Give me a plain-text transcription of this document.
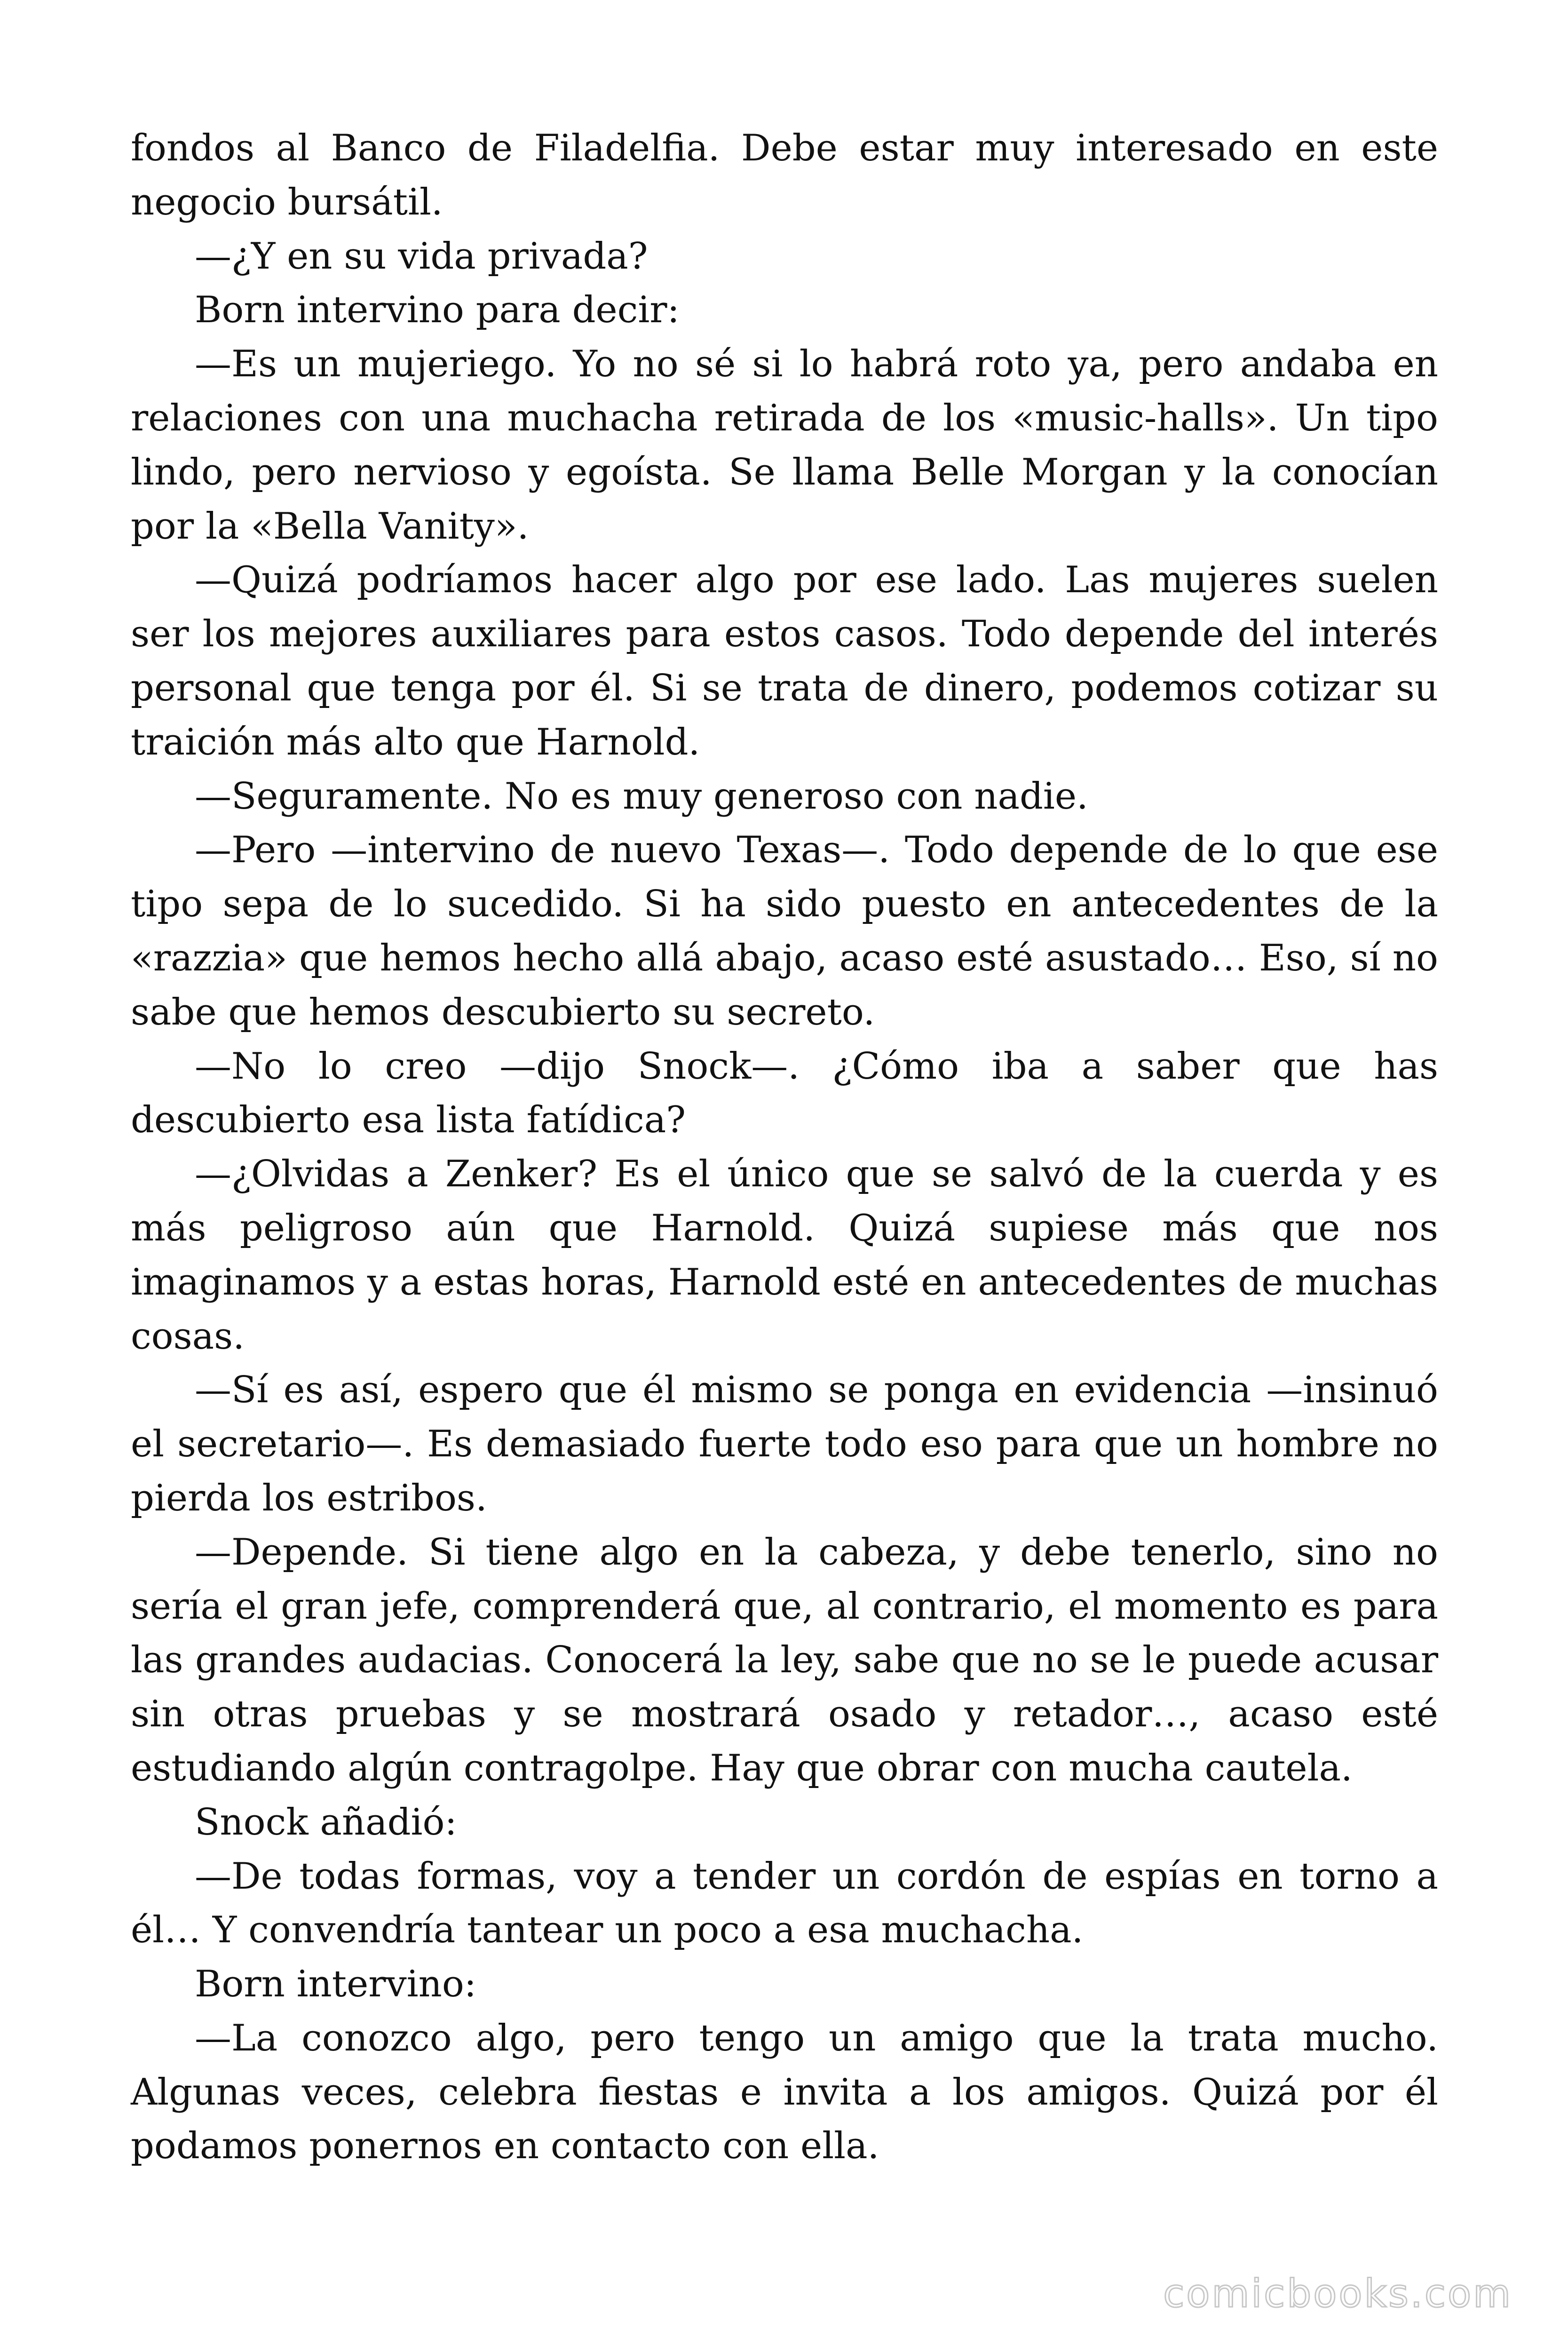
fondos al Banco de Filadelfia. Debe estar muy interesado en este negocio bursátil.

—¿Y en su vida privada?

Born intervino para decir:

—Es un mujeriego. Yo no sé si lo habrá roto ya, pero andaba en relaciones con una muchacha retirada de los «music-halls». Un tipo lindo, pero nervioso y egoísta. Se llama Belle Morgan y la conocían por la «Bella Vanity».

—Quizá podríamos hacer algo por ese lado. Las mujeres suelen ser los mejores auxiliares para estos casos. Todo depende del interés personal que tenga por él. Si se trata de dinero, podemos cotizar su traición más alto que Harnold.

—Seguramente. No es muy generoso con nadie.

—Pero —intervino de nuevo Texas—. Todo depende de lo que ese tipo sepa de lo sucedido. Si ha sido puesto en antecedentes de la «razzia» que hemos hecho allá abajo, acaso esté asustado… Eso, sí no sabe que hemos descubierto su secreto.

—No lo creo —dijo Snock—. ¿Cómo iba a saber que has descubierto esa lista fatídica?

—¿Olvidas a Zenker? Es el único que se salvó de la cuerda y es más peligroso aún que Harnold. Quizá supiese más que nos imaginamos y a estas horas, Harnold esté en antecedentes de muchas cosas.

—Sí es así, espero que él mismo se ponga en evidencia —insinuó el secretario—. Es demasiado fuerte todo eso para que un hombre no pierda los estribos.

—Depende. Si tiene algo en la cabeza, y debe tenerlo, sino no sería el gran jefe, comprenderá que, al contrario, el momento es para las grandes audacias. Conocerá la ley, sabe que no se le puede acusar sin otras pruebas y se mostrará osado y retador…, acaso esté estudiando algún contragolpe. Hay que obrar con mucha cautela.

Snock añadió:

—De todas formas, voy a tender un cordón de espías en torno a él… Y convendría tantear un poco a esa muchacha.

Born intervino:

—La conozco algo, pero tengo un amigo que la trata mucho. Algunas veces, celebra fiestas e invita a los amigos. Quizá por él podamos ponernos en contacto con ella.

comicbooks.com
